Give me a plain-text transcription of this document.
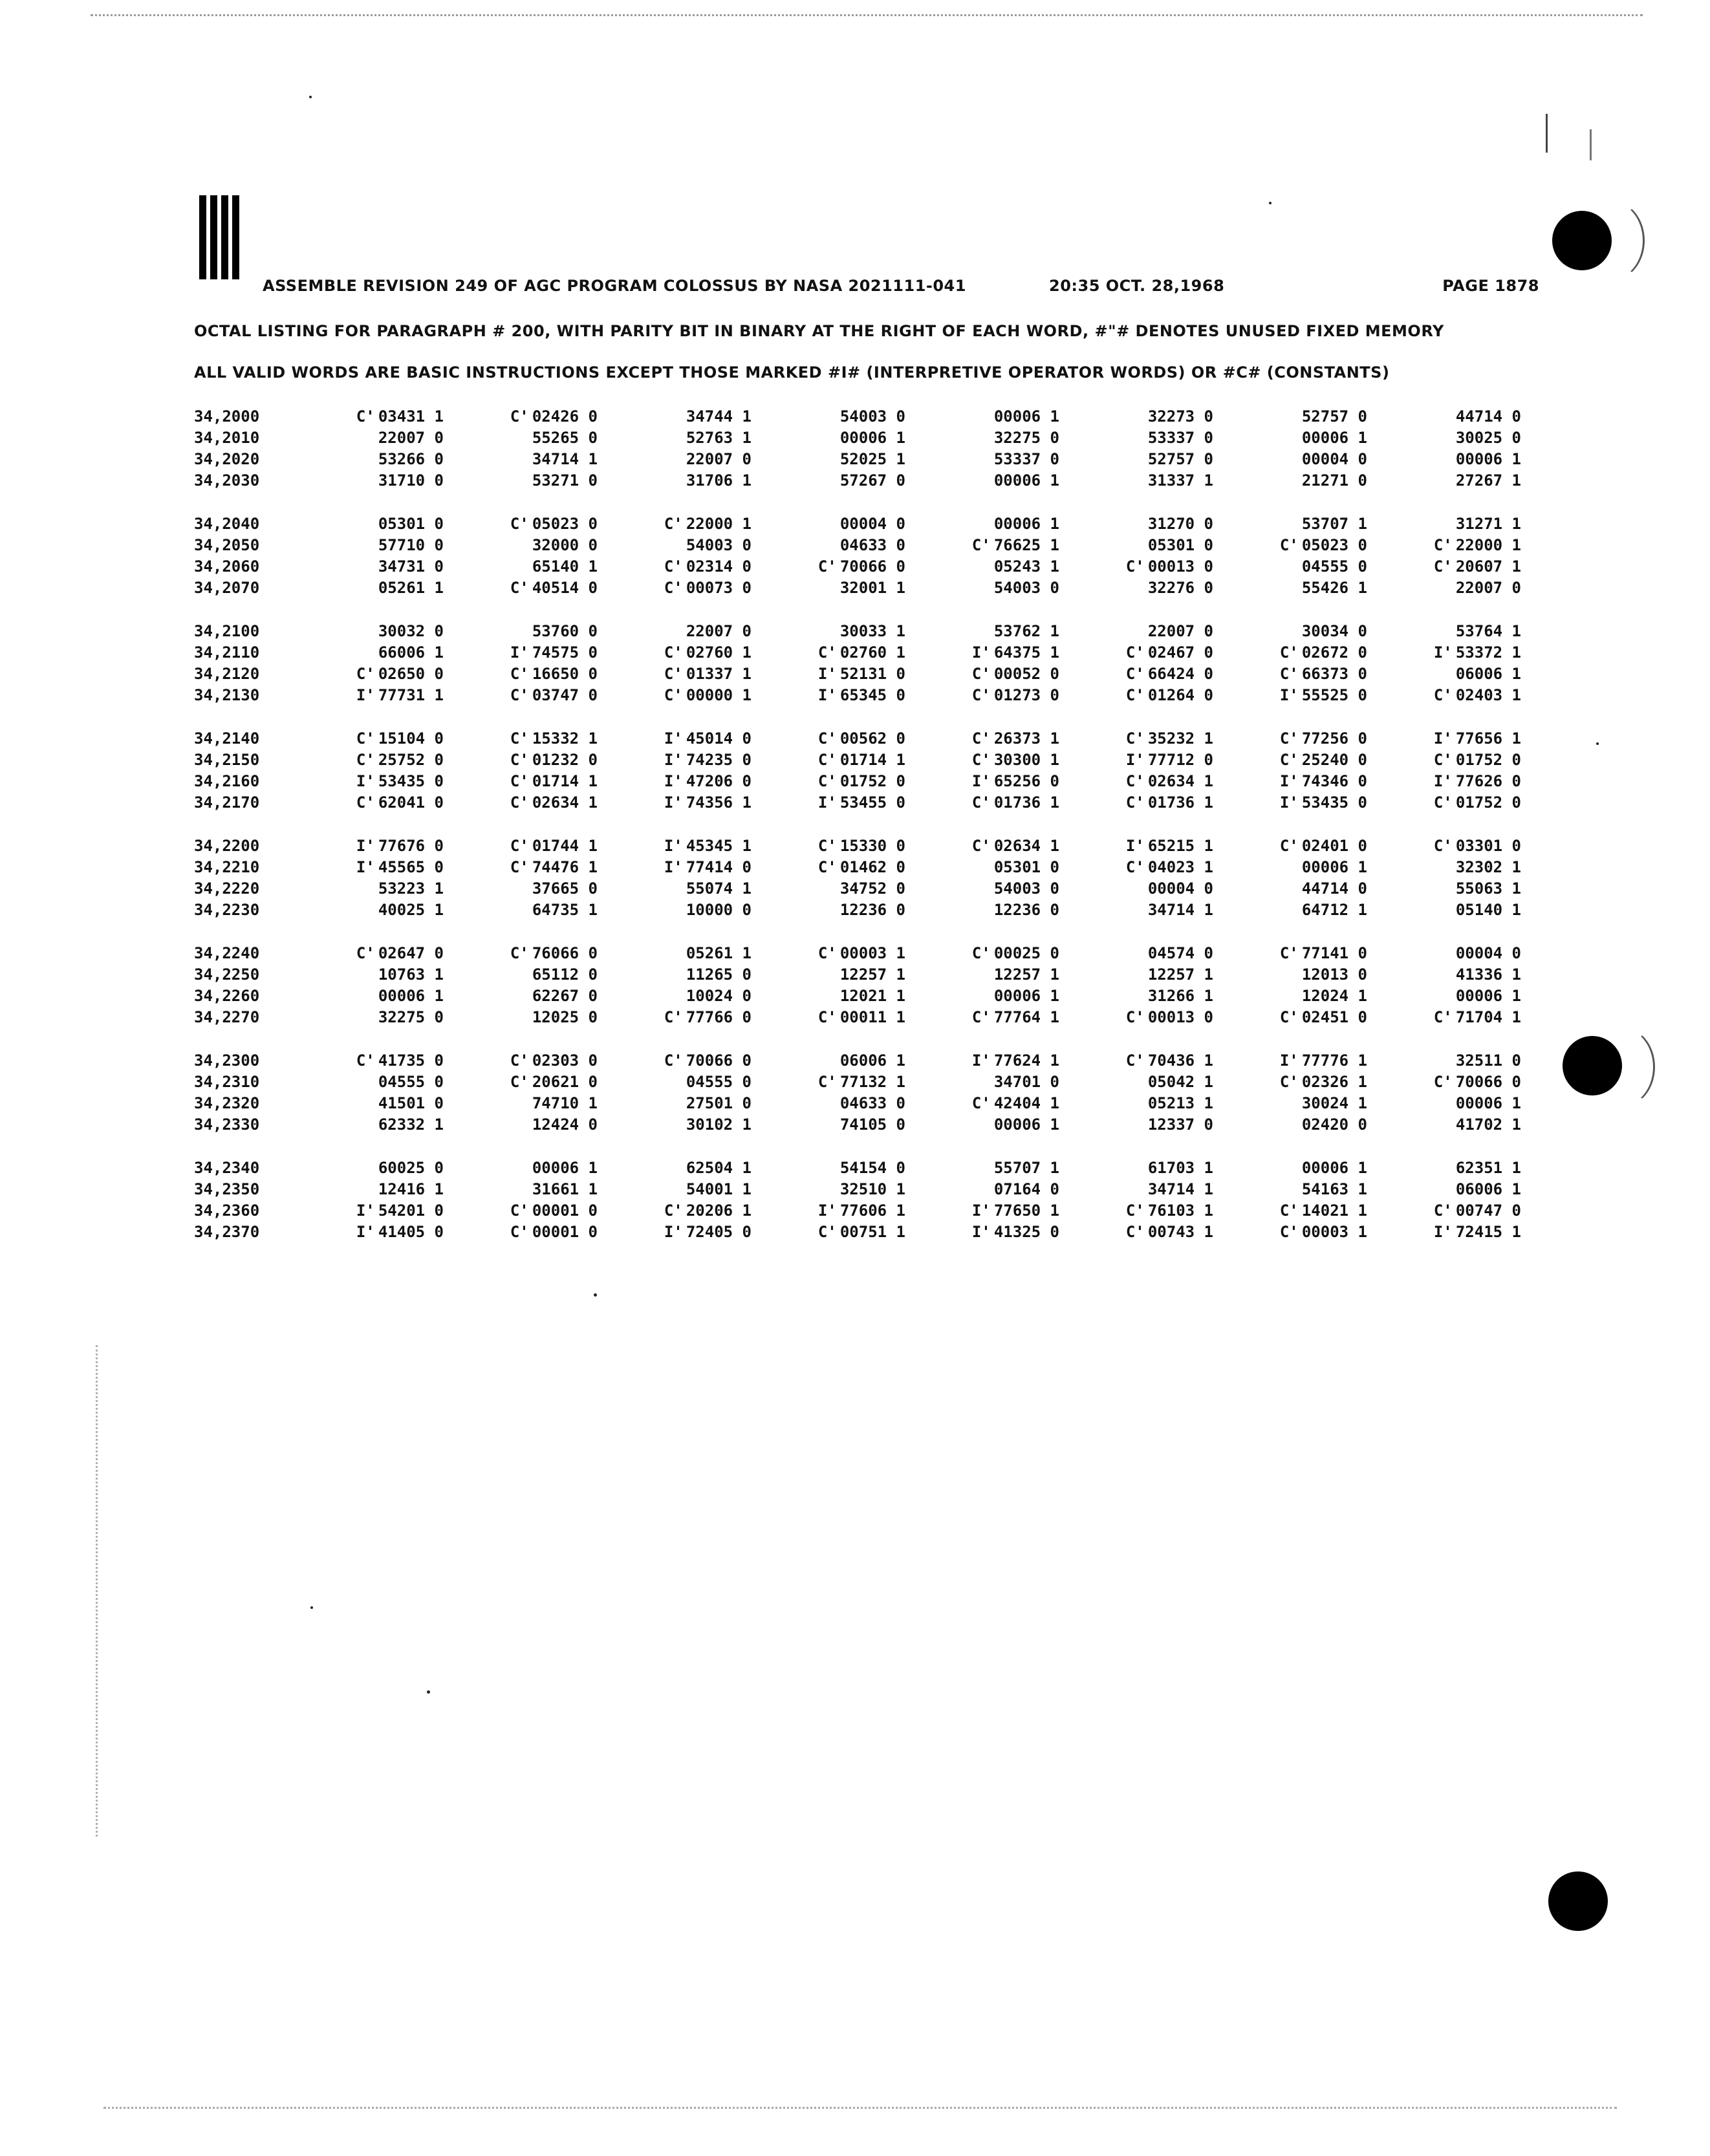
ASSEMBLE REVISION 249 OF AGC PROGRAM COLOSSUS BY NASA 2021111-041	20:35 OCT. 28,1968	PAGE 1878
OCTAL LISTING FOR PARAGRAPH # 200, WITH PARITY BIT IN BINARY AT THE RIGHT OF EACH WORD, #"# DENOTES UNUSED FIXED MEMORY
ALL VALID WORDS ARE BASIC INSTRUCTIONS EXCEPT THOSE MARKED #I# (INTERPRETIVE OPERATOR WORDS) OR #C# (CONSTANTS)
34,2000	C' 03431 1	C' 02426 0	34744 1	54003 0	00006 1	32273 0	52757 0	44714 0
34,2010	22007 0	55265 0	52763 1	00006 1	32275 0	53337 0	00006 1	30025 0
34,2020	53266 0	34714 1	22007 0	52025 1	53337 0	52757 0	00004 0	00006 1
34,2030	31710 0	53271 0	31706 1	57267 0	00006 1	31337 1	21271 0	27267 1
34,2040	05301 0	C' 05023 0	C' 22000 1	00004 0	00006 1	31270 0	53707 1	31271 1
34,2050	57710 0	32000 0	54003 0	04633 0	C' 76625 1	05301 0	C' 05023 0	C' 22000 1
34,2060	34731 0	65140 1	C' 02314 0	C' 70066 0	05243 1	C' 00013 0	04555 0	C' 20607 1
34,2070	05261 1	C' 40514 0	C' 00073 0	32001 1	54003 0	32276 0	55426 1	22007 0
34,2100	30032 0	53760 0	22007 0	30033 1	53762 1	22007 0	30034 0	53764 1
34,2110	66006 1	I' 74575 0	C' 02760 1	C' 02760 1	I' 64375 1	C' 02467 0	C' 02672 0	I' 53372 1
34,2120	C' 02650 0	C' 16650 0	C' 01337 1	I' 52131 0	C' 00052 0	C' 66424 0	C' 66373 0	06006 1
34,2130	I' 77731 1	C' 03747 0	C' 00000 1	I' 65345 0	C' 01273 0	C' 01264 0	I' 55525 0	C' 02403 1
34,2140	C' 15104 0	C' 15332 1	I' 45014 0	C' 00562 0	C' 26373 1	C' 35232 1	C' 77256 0	I' 77656 1
34,2150	C' 25752 0	C' 01232 0	I' 74235 0	C' 01714 1	C' 30300 1	I' 77712 0	C' 25240 0	C' 01752 0
34,2160	I' 53435 0	C' 01714 1	I' 47206 0	C' 01752 0	I' 65256 0	C' 02634 1	I' 74346 0	I' 77626 0
34,2170	C' 62041 0	C' 02634 1	I' 74356 1	I' 53455 0	C' 01736 1	C' 01736 1	I' 53435 0	C' 01752 0
34,2200	I' 77676 0	C' 01744 1	I' 45345 1	C' 15330 0	C' 02634 1	I' 65215 1	C' 02401 0	C' 03301 0
34,2210	I' 45565 0	C' 74476 1	I' 77414 0	C' 01462 0	05301 0	C' 04023 1	00006 1	32302 1
34,2220	53223 1	37665 0	55074 1	34752 0	54003 0	00004 0	44714 0	55063 1
34,2230	40025 1	64735 1	10000 0	12236 0	12236 0	34714 1	64712 1	05140 1
34,2240	C' 02647 0	C' 76066 0	05261 1	C' 00003 1	C' 00025 0	04574 0	C' 77141 0	00004 0
34,2250	10763 1	65112 0	11265 0	12257 1	12257 1	12257 1	12013 0	41336 1
34,2260	00006 1	62267 0	10024 0	12021 1	00006 1	31266 1	12024 1	00006 1
34,2270	32275 0	12025 0	C' 77766 0	C' 00011 1	C' 77764 1	C' 00013 0	C' 02451 0	C' 71704 1
34,2300	C' 41735 0	C' 02303 0	C' 70066 0	06006 1	I' 77624 1	C' 70436 1	I' 77776 1	32511 0
34,2310	04555 0	C' 20621 0	04555 0	C' 77132 1	34701 0	05042 1	C' 02326 1	C' 70066 0
34,2320	41501 0	74710 1	27501 0	04633 0	C' 42404 1	05213 1	30024 1	00006 1
34,2330	62332 1	12424 0	30102 1	74105 0	00006 1	12337 0	02420 0	41702 1
34,2340	60025 0	00006 1	62504 1	54154 0	55707 1	61703 1	00006 1	62351 1
34,2350	12416 1	31661 1	54001 1	32510 1	07164 0	34714 1	54163 1	06006 1
34,2360	I' 54201 0	C' 00001 0	C' 20206 1	I' 77606 1	I' 77650 1	C' 76103 1	C' 14021 1	C' 00747 0
34,2370	I' 41405 0	C' 00001 0	I' 72405 0	C' 00751 1	I' 41325 0	C' 00743 1	C' 00003 1	I' 72415 1
